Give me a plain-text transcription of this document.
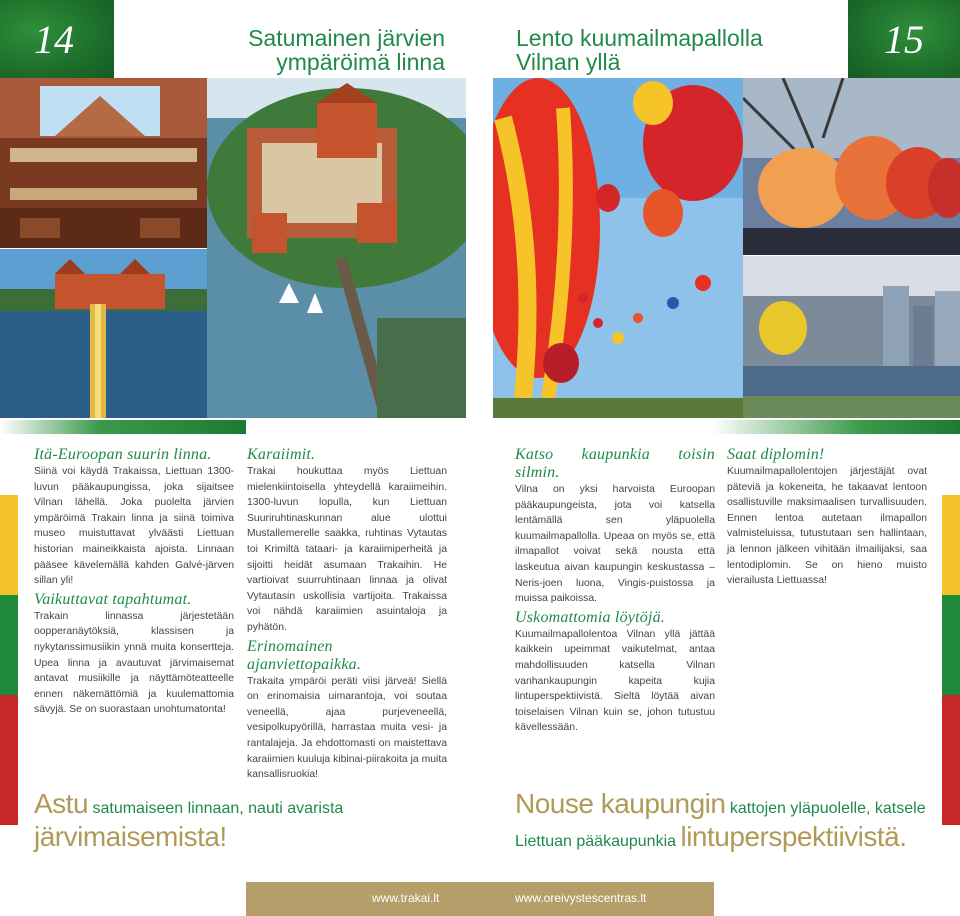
14	15
Satumainen järvien
ympäröimä linna
Lento kuumailmapallolla
Vilnan yllä
Itä-Euroopan suurin linna.

Siinä voi käydä Trakaissa, Liettuan 1300-luvun pääkaupungissa, joka sijaitsee Vilnan lähellä. Joka puolelta järvien ympäröimä Trakain linna ja siinä toimiva museo muistuttavat ylväästi Liettuan historian maineikkaista ajoista. Linnaan pääsee kävelemällä kahden Galvė-järven sillan yli!

Vaikuttavat tapahtumat.

Trakain linnassa järjestetään oopperanäytöksiä, klassisen ja nykytanssimusiikin ynnä muita konsertteja. Upea linna ja avautuvat järvimaisemat antavat musiikille ja näyttämöteatteelle ennen näkemättömiä ja kuulemattomia sävyjä. Se on suorastaan unohtumatonta!

Karaiimit.

Trakai houkuttaa myös Liettuan mielenkiintoisella yhteydellä karaiimeihin. 1300-luvun lopulla, kun Liettuan Suuriruhtinaskunnan alue ulottui Mustallemerelle saakka, ruhtinas Vytautas toi Krimiltä tataari- ja karaiimiperheitä ja sijoitti heidät asumaan Trakaihin. He vartioivat suurruhtinaan linnaa ja olivat Vytautasin uskollisia vartijoita. Trakaissa voi nähdä karaiimien asuintaloja ja pyhätön.

Erinomainen ajanviettopaikka.

Trakaita ympäröi peräti viisi järveä! Siellä on erinomaisia uimarantoja, voi soutaa veneellä, ajaa purjeveneellä, vesipolkupyörillä, harrastaa muita vesi- ja rantalajeja. Ja ehdottomasti on maistettava karaiimien kuuluja kibinai-piirakoita ja muita kansallisruokia!

Katso kaupunkia toisin silmin.

Vilna on yksi harvoista Euroopan pääkaupungeista, jota voi katsella lentämällä sen yläpuolella kuumailmapallolla. Upeaa on myös se, että ilmapallot voivat sekä nousta että laskeutua aivan kaupungin keskustassa – Neris-joen luona, Vingis-puistossa ja muissa paikoissa.

Uskomattomia löytöjä.

Kuumailmapallolentoa Vilnan yllä jättää kaikkein upeimmat vaikutelmat, antaa mahdollisuuden katsella Vilnan vanhankaupungin kapeita kujia lintuperspektiivistä. Sieltä löytää aivan toiselaisen Vilnan kuin se, johon tutustuu kävellessään.

Saat diplomin!

Kuumailmapallolentojen järjestäjät ovat päteviä ja kokeneita, he takaavat lentoon osallistuville maksimaalisen turvallisuuden. Ennen lentoa autetaan ilmapallon valmisteluissa, tutustutaan sen hallintaan, ja lennon jälkeen vihitään ilmailijaksi, saa lentodiplomin. Se on hieno muisto vierailusta Liettuassa!

Astu satumaiseen linnaan, nauti avarista
järvimaisemista!
Nouse kaupungin kattojen yläpuolelle, katsele
Liettuan pääkaupunkia lintuperspektiivistä.
www.trakai.lt	www.oreivystescentras.lt
